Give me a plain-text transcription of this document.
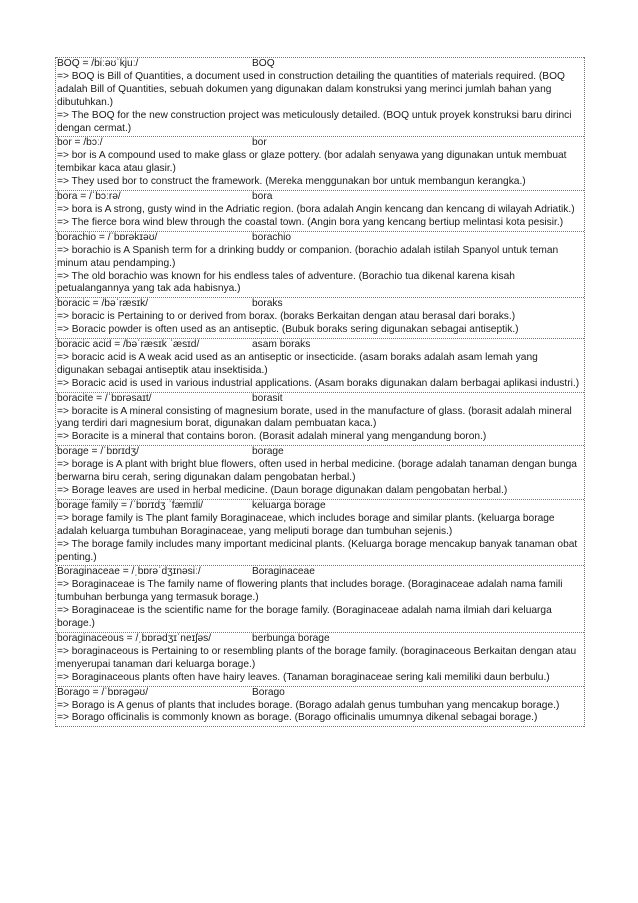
BOQ = /biːəʊˈkjuː/	BOQ
=> BOQ is Bill of Quantities, a document used in construction detailing the quantities of materials required. (BOQ adalah Bill of Quantities, sebuah dokumen yang digunakan dalam konstruksi yang merinci jumlah bahan yang dibutuhkan.)
=> The BOQ for the new construction project was meticulously detailed. (BOQ untuk proyek konstruksi baru dirinci dengan cermat.)
bor = /bɔː/	bor
=> bor is A compound used to make glass or glaze pottery. (bor adalah senyawa yang digunakan untuk membuat tembikar kaca atau glasir.)
=> They used bor to construct the framework. (Mereka menggunakan bor untuk membangun kerangka.)
bora = /ˈbɔːrə/	bora
=> bora is A strong, gusty wind in the Adriatic region. (bora adalah Angin kencang dan kencang di wilayah Adriatik.)
=> The fierce bora wind blew through the coastal town. (Angin bora yang kencang bertiup melintasi kota pesisir.)
borachio = /ˈbɒrəkɪəʊ/	borachio
=> borachio is A Spanish term for a drinking buddy or companion. (borachio adalah istilah Spanyol untuk teman minum atau pendamping.)
=> The old borachio was known for his endless tales of adventure. (Borachio tua dikenal karena kisah petualangannya yang tak ada habisnya.)
boracic = /bəˈræsɪk/	boraks
=> boracic is Pertaining to or derived from borax. (boraks Berkaitan dengan atau berasal dari boraks.)
=> Boracic powder is often used as an antiseptic. (Bubuk boraks sering digunakan sebagai antiseptik.)
boracic acid = /bəˈræsɪk ˈæsɪd/	asam boraks
=> boracic acid is A weak acid used as an antiseptic or insecticide. (asam boraks adalah asam lemah yang digunakan sebagai antiseptik atau insektisida.)
=> Boracic acid is used in various industrial applications. (Asam boraks digunakan dalam berbagai aplikasi industri.)
boracite = /ˈbɒrəsaɪt/	borasit
=> boracite is A mineral consisting of magnesium borate, used in the manufacture of glass. (borasit adalah mineral yang terdiri dari magnesium borat, digunakan dalam pembuatan kaca.)
=> Boracite is a mineral that contains boron. (Borasit adalah mineral yang mengandung boron.)
borage = /ˈbɒrɪdʒ/	borage
=> borage is A plant with bright blue flowers, often used in herbal medicine. (borage adalah tanaman dengan bunga berwarna biru cerah, sering digunakan dalam pengobatan herbal.)
=> Borage leaves are used in herbal medicine. (Daun borage digunakan dalam pengobatan herbal.)
borage family = /ˈbɒrɪdʒ ˈfæmɪli/	keluarga borage
=> borage family is The plant family Boraginaceae, which includes borage and similar plants. (keluarga borage adalah keluarga tumbuhan Boraginaceae, yang meliputi borage dan tumbuhan sejenis.)
=> The borage family includes many important medicinal plants. (Keluarga borage mencakup banyak tanaman obat penting.)
Boraginaceae = /ˌbɒrəˈdʒɪnəsiː/	Boraginaceae
=> Boraginaceae is The family name of flowering plants that includes borage. (Boraginaceae adalah nama famili tumbuhan berbunga yang termasuk borage.)
=> Boraginaceae is the scientific name for the borage family. (Boraginaceae adalah nama ilmiah dari keluarga borage.)
boraginaceous = /ˌbɒrədʒɪˈneɪʃəs/	berbunga borage
=> boraginaceous is Pertaining to or resembling plants of the borage family. (boraginaceous Berkaitan dengan atau menyerupai tanaman dari keluarga borage.)
=> Boraginaceous plants often have hairy leaves. (Tanaman boraginaceae sering kali memiliki daun berbulu.)
Borago = /ˈbɒrəɡəʊ/	Borago
=> Borago is A genus of plants that includes borage. (Borago adalah genus tumbuhan yang mencakup borage.)
=> Borago officinalis is commonly known as borage. (Borago officinalis umumnya dikenal sebagai borage.)
